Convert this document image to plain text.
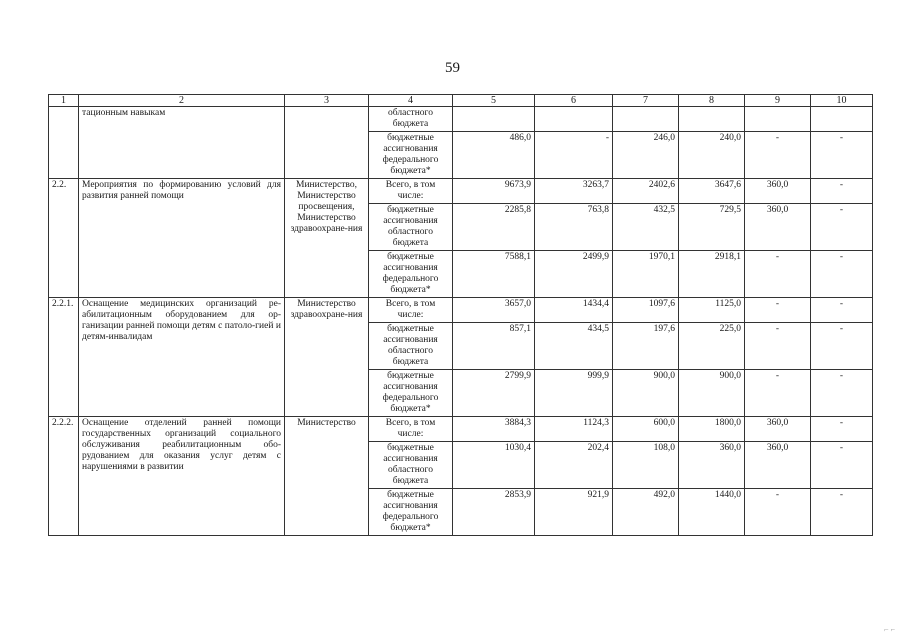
59
1	2	3	4	5	6	7	8	9	10
	тационным навыкам		областного бюджета						
			бюджетные ассигнования федерального бюджета*	486,0	-	246,0	240,0	-	-
2.2.	Мероприятия по формированию условий для развития ранней помощи	Министерство, Министерство просвещения, Министерство здравоохране-ния	Всего, в том числе:	9673,9	3263,7	2402,6	3647,6	360,0	-
			бюджетные ассигнования областного бюджета	2285,8	763,8	432,5	729,5	360,0	-
			бюджетные ассигнования федерального бюджета*	7588,1	2499,9	1970,1	2918,1	-	-
2.2.1.	Оснащение медицинских организаций ре-абилитационным оборудованием для ор-ганизации ранней помощи детям с патоло-гией и детям-инвалидам	Министерство здравоохране-ния	Всего, в том числе:	3657,0	1434,4	1097,6	1125,0	-	-
			бюджетные ассигнования областного бюджета	857,1	434,5	197,6	225,0	-	-
			бюджетные ассигнования федерального бюджета*	2799,9	999,9	900,0	900,0	-	-
2.2.2.	Оснащение отделений ранней помощи государственных организаций социального обслуживания реабилитационным обо-рудованием для оказания услуг детям с нарушениями в развитии	Министерство	Всего, в том числе:	3884,3	1124,3	600,0	1800,0	360,0	-
			бюджетные ассигнования областного бюджета	1030,4	202,4	108,0	360,0	360,0	-
			бюджетные ассигнования федерального бюджета*	2853,9	921,9	492,0	1440,0	-	-
⌐ ⌐
